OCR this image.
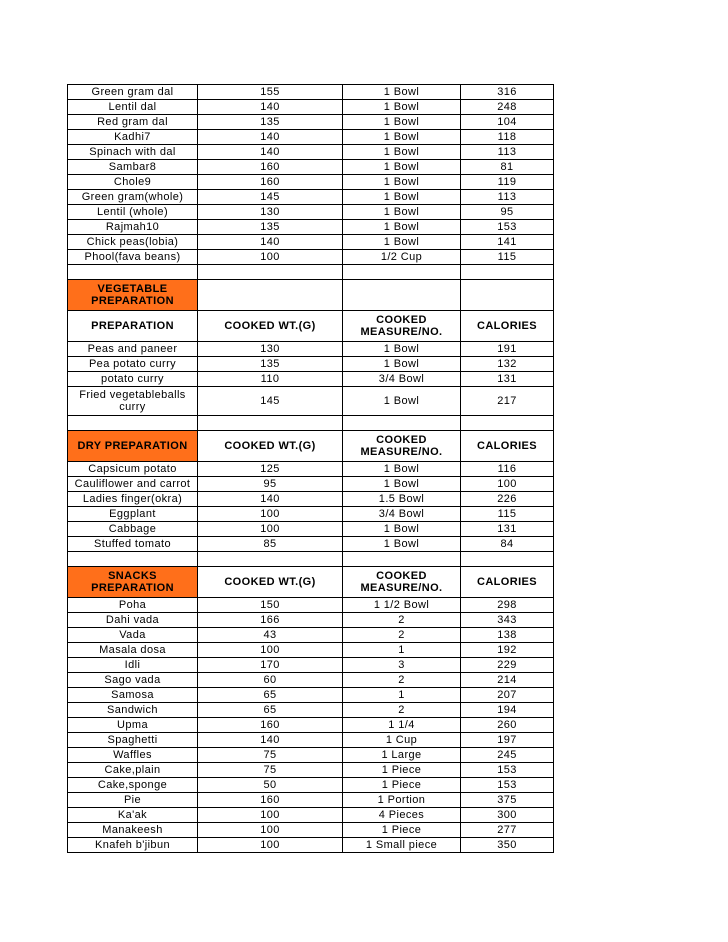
Green gram dal	155	1 Bowl	316
Lentil dal	140	1 Bowl	248
Red gram dal	135	1 Bowl	104
Kadhi7	140	1 Bowl	118
Spinach with dal	140	1 Bowl	113
Sambar8	160	1 Bowl	81
Chole9	160	1 Bowl	119
Green gram(whole)	145	1 Bowl	113
Lentil (whole)	130	1 Bowl	95
Rajmah10	135	1 Bowl	153
Chick peas(lobia)	140	1 Bowl	141
Phool(fava beans)	100	1/2 Cup	115

VEGETABLE PREPARATION			
PREPARATION	COOKED WT.(G)	COOKED MEASURE/NO.	CALORIES
Peas and paneer	130	1 Bowl	191
Pea potato curry	135	1 Bowl	132
potato curry	110	3/4 Bowl	131
Fried vegetableballs curry	145	1 Bowl	217

DRY PREPARATION	COOKED WT.(G)	COOKED MEASURE/NO.	CALORIES
Capsicum potato	125	1 Bowl	116
Cauliflower and carrot	95	1 Bowl	100
Ladies finger(okra)	140	1.5 Bowl	226
Eggplant	100	3/4 Bowl	115
Cabbage	100	1 Bowl	131
Stuffed tomato	85	1 Bowl	84

SNACKS PREPARATION	COOKED WT.(G)	COOKED MEASURE/NO.	CALORIES
Poha	150	1 1/2 Bowl	298
Dahi vada	166	2	343
Vada	43	2	138
Masala dosa	100	1	192
Idli	170	3	229
Sago vada	60	2	214
Samosa	65	1	207
Sandwich	65	2	194
Upma	160	1 1/4	260
Spaghetti	140	1 Cup	197
Waffles	75	1 Large	245
Cake,plain	75	1 Piece	153
Cake,sponge	50	1 Piece	153
Pie	160	1 Portion	375
Ka'ak	100	4 Pieces	300
Manakeesh	100	1 Piece	277
Knafeh b'jibun	100	1 Small piece	350
